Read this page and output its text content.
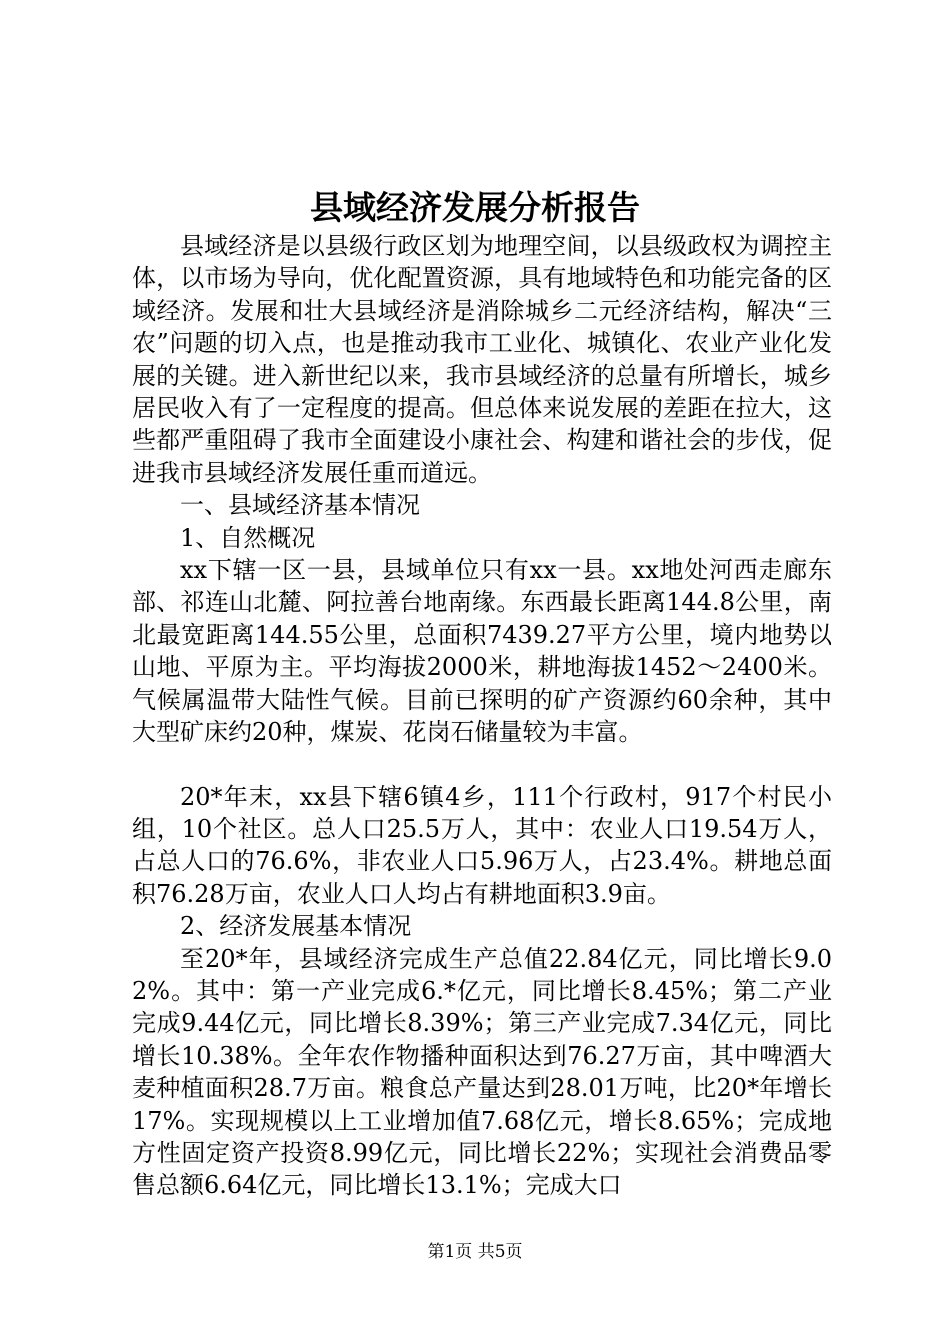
县域经济发展分析报告

县域经济是以县级行政区划为地理空间，以县级政权为调控主体，以市场为导向，优化配置资源，具有地域特色和功能完备的区域经济。发展和壮大县域经济是消除城乡二元经济结构，解决“三农”问题的切入点，也是推动我市工业化、城镇化、农业产业化发展的关键。进入新世纪以来，我市县域经济的总量有所增长，城乡居民收入有了一定程度的提高。但总体来说发展的差距在拉大，这些都严重阻碍了我市全面建设小康社会、构建和谐社会的步伐，促进我市县域经济发展任重而道远。

一、县域经济基本情况

1、自然概况

xx下辖一区一县，县域单位只有xx一县。xx地处河西走廊东部、祁连山北麓、阿拉善台地南缘。东西最长距离144.8公里，南北最宽距离144.55公里，总面积7439.27平方公里，境内地势以山地、平原为主。平均海拔2000米，耕地海拔1452～2400米。气候属温带大陆性气候。目前已探明的矿产资源约60余种，其中大型矿床约20种，煤炭、花岗石储量较为丰富。

20*年末，xx县下辖6镇4乡，111个行政村，917个村民小组，10个社区。总人口25.5万人，其中：农业人口19.54万人，占总人口的76.6%，非农业人口5.96万人，占23.4%。耕地总面积76.28万亩，农业人口人均占有耕地面积3.9亩。

2、经济发展基本情况

至20*年，县域经济完成生产总值22.84亿元，同比增长9.02%。其中：第一产业完成6.*亿元，同比增长8.45%；第二产业完成9.44亿元，同比增长8.39%；第三产业完成7.34亿元，同比增长10.38%。全年农作物播种面积达到76.27万亩，其中啤酒大麦种植面积28.7万亩。粮食总产量达到28.01万吨，比20*年增长17%。实现规模以上工业增加值7.68亿元，增长8.65%；完成地方性固定资产投资8.99亿元，同比增长22%；实现社会消费品零售总额6.64亿元，同比增长13.1%；完成大口

第1页 共5页
